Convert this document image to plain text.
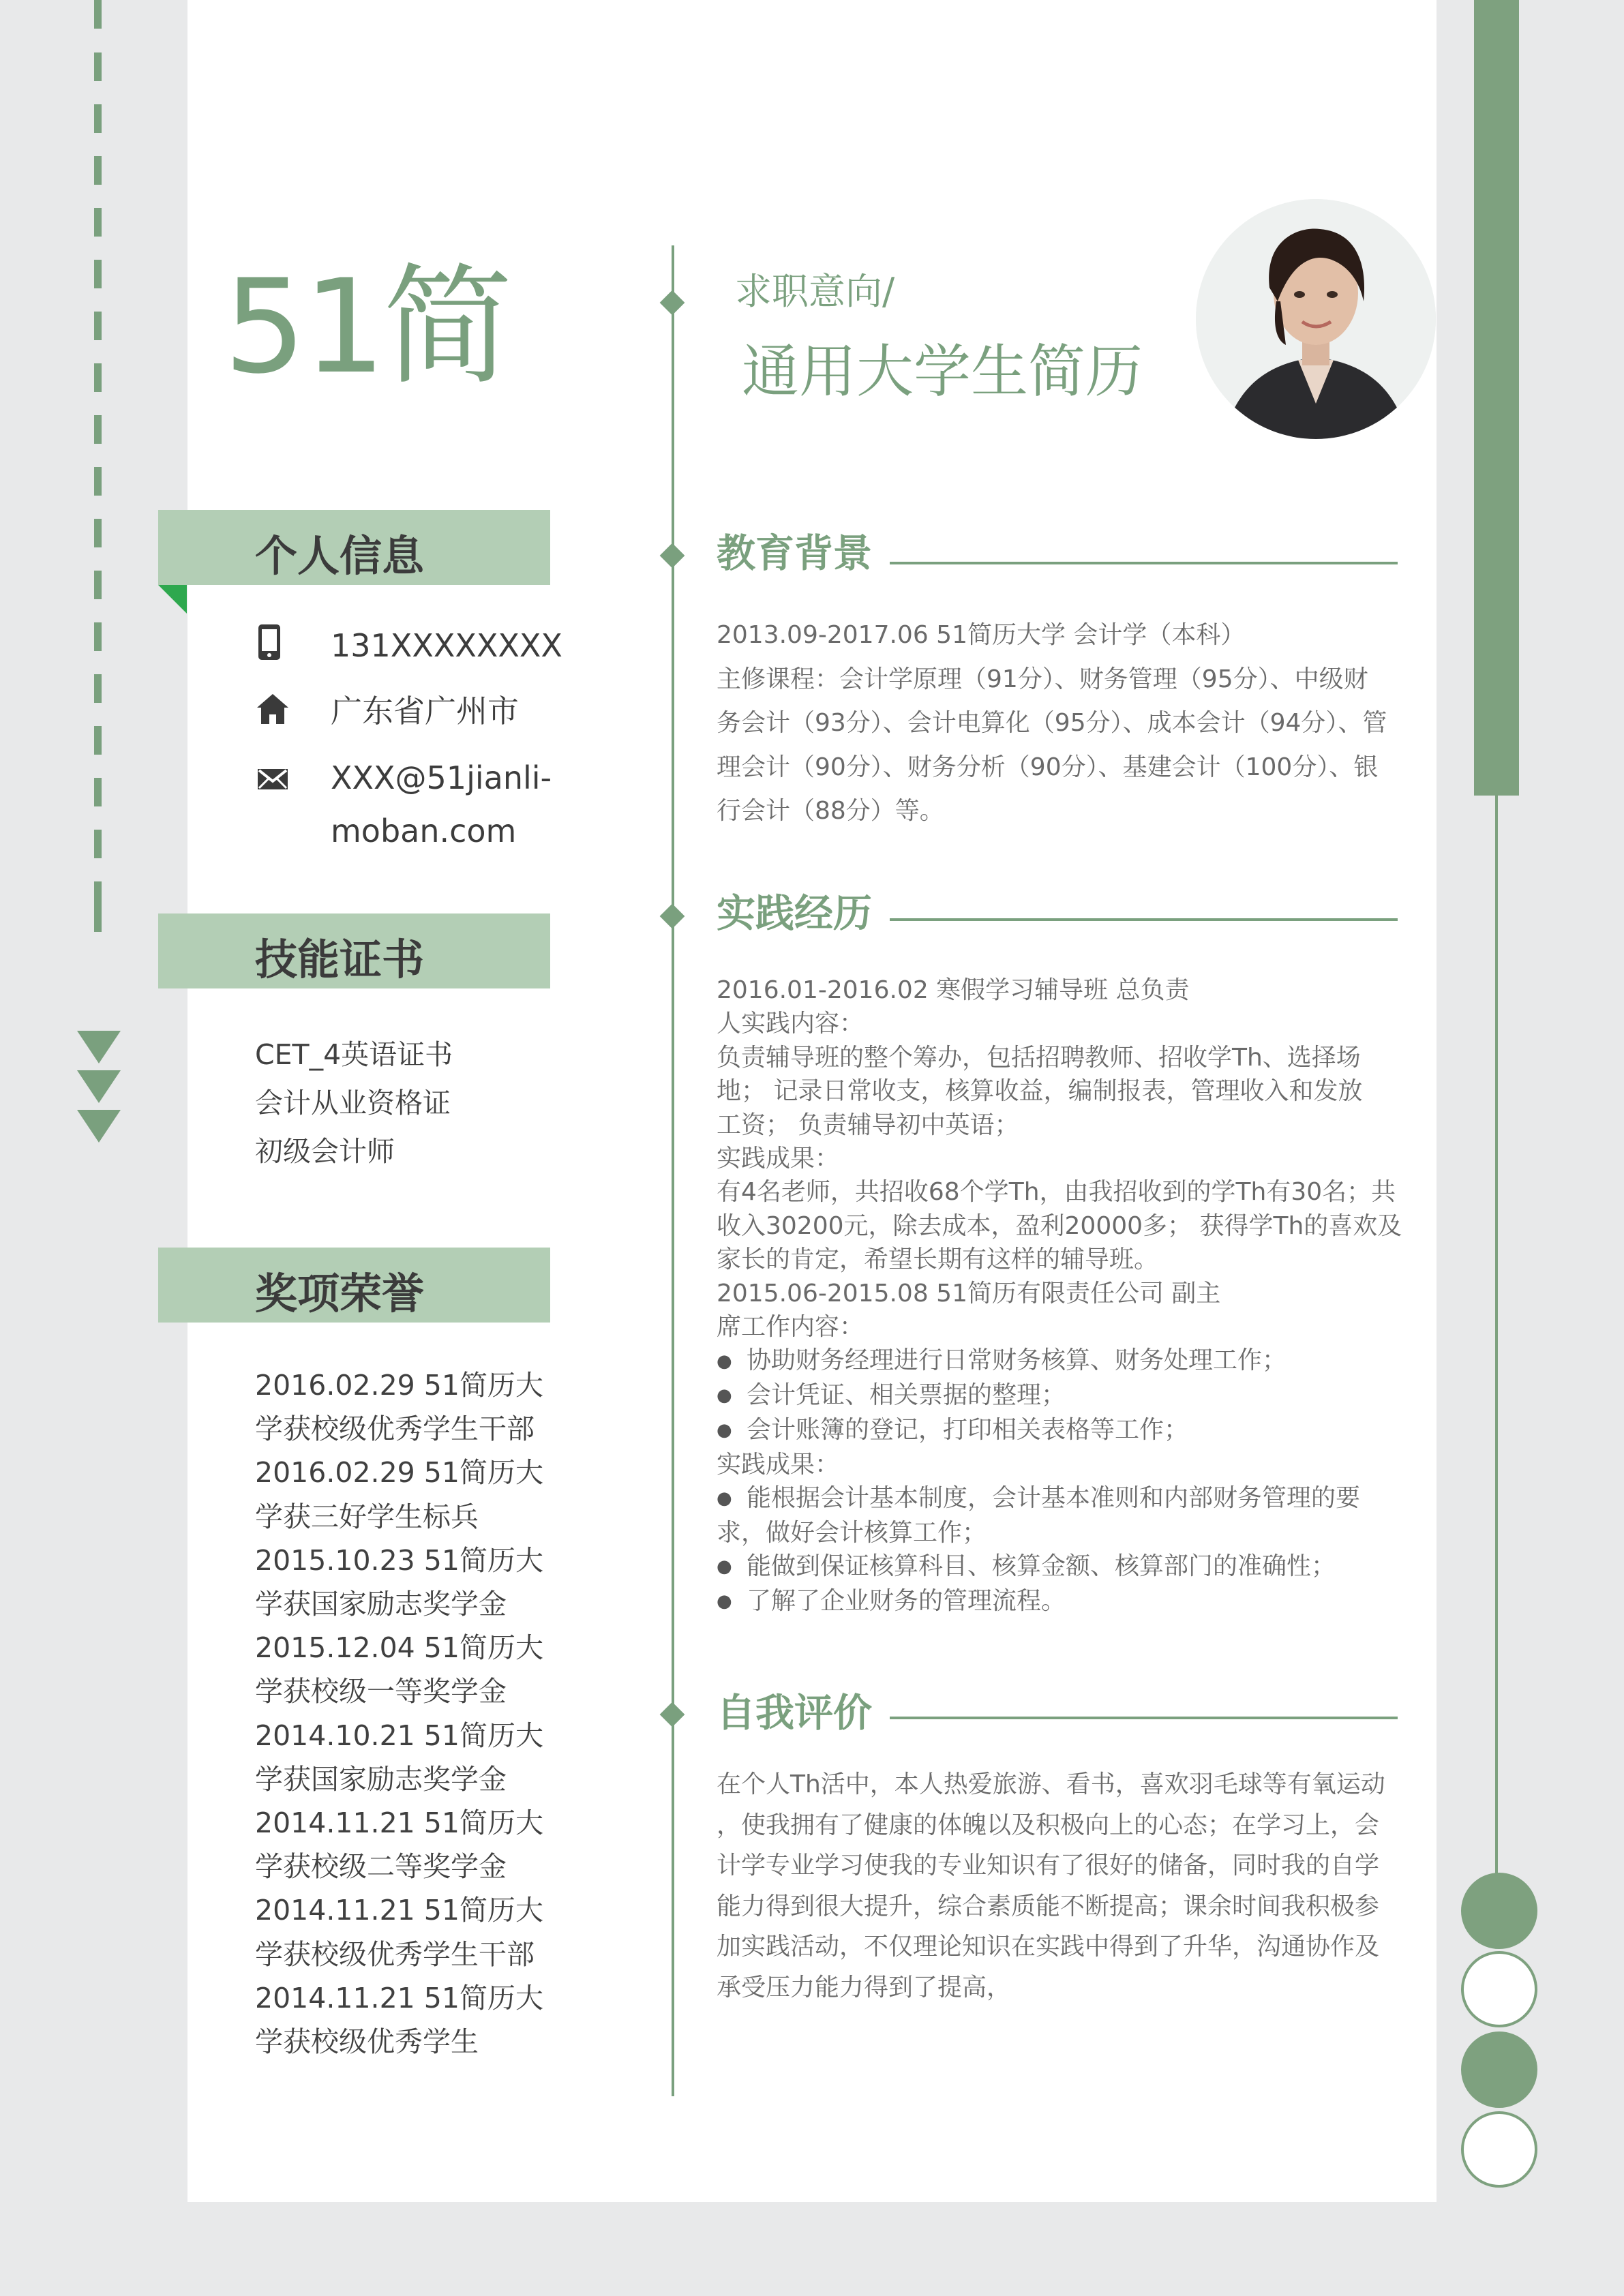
51简	求职意向/
通用大学生简历
个人信息
131XXXXXXXX
广东省广州市
XXX@51jianli-
moban.com
技能证书
CET_4英语证书
会计从业资格证
初级会计师
奖项荣誉
2016.02.29 51简历大
学获校级优秀学生干部
2016.02.29 51简历大
学获三好学生标兵
2015.10.23 51简历大
学获国家励志奖学金
2015.12.04 51简历大
学获校级一等奖学金
2014.10.21 51简历大
学获国家励志奖学金
2014.11.21 51简历大
学获校级二等奖学金
2014.11.21 51简历大
学获校级优秀学生干部
2014.11.21 51简历大
学获校级优秀学生
教育背景
2013.09-2017.06 51简历大学 会计学（本科）
主修课程：会计学原理（91分）、财务管理（95分）、中级财
务会计（93分）、会计电算化（95分）、成本会计（94分）、管
理会计（90分）、财务分析（90分）、基建会计（100分）、银
行会计（88分）等。
实践经历
2016.01-2016.02 寒假学习辅导班 总负责
人实践内容：
负责辅导班的整个筹办，包括招聘教师、招收学Th、选择场
地； 记录日常收支，核算收益，编制报表，管理收入和发放
工资； 负责辅导初中英语；
实践成果：
有4名老师，共招收68个学Th，由我招收到的学Th有30名；共
收入30200元，除去成本，盈利20000多； 获得学Th的喜欢及
家长的肯定，希望长期有这样的辅导班。
2015.06-2015.08 51简历有限责任公司 副主
席工作内容：
● 协助财务经理进行日常财务核算、财务处理工作；
● 会计凭证、相关票据的整理；
● 会计账簿的登记，打印相关表格等工作；
实践成果：
● 能根据会计基本制度，会计基本准则和内部财务管理的要
求，做好会计核算工作；
● 能做到保证核算科目、核算金额、核算部门的准确性；
● 了解了企业财务的管理流程。
自我评价
在个人Th活中，本人热爱旅游、看书，喜欢羽毛球等有氧运动
，使我拥有了健康的体魄以及积极向上的心态；在学习上，会
计学专业学习使我的专业知识有了很好的储备，同时我的自学
能力得到很大提升，综合素质能不断提高；课余时间我积极参
加实践活动，不仅理论知识在实践中得到了升华，沟通协作及
承受压力能力得到了提高，
